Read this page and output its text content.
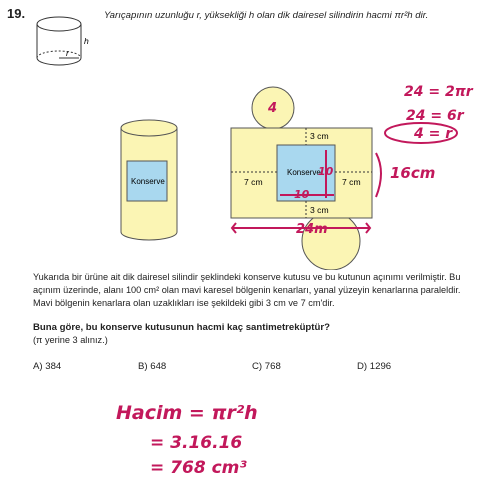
19.	Yarıçapının uzunluğu r, yüksekliği h olan dik dairesel silindirin hacmi πr²h dir.
h
r
Konserve
3 cm
3 cm
7 cm	7 cm
Konserve
4
24 = 2πr
24 = 6r
4 = r
16cm
24m
10
10
Yukarıda bir ürüne ait dik dairesel silindir şeklindeki konserve kutusu ve bu kutunun açınımı verilmiştir. Bu açınım üzerinde, alanı 100 cm² olan mavi karesel bölgenin kenarları, yanal yüzeyin kenarlarına paraleldir. Mavi bölgenin kenarlara olan uzaklıkları ise şekildeki gibi 3 cm ve 7 cm'dir.
Buna göre, bu konserve kutusunun hacmi kaç santimetreküptür?
(π yerine 3 alınız.)
A) 384	B) 648	C) 768	D) 1296
Hacim = πr²h
= 3.16.16
= 768 cm³
